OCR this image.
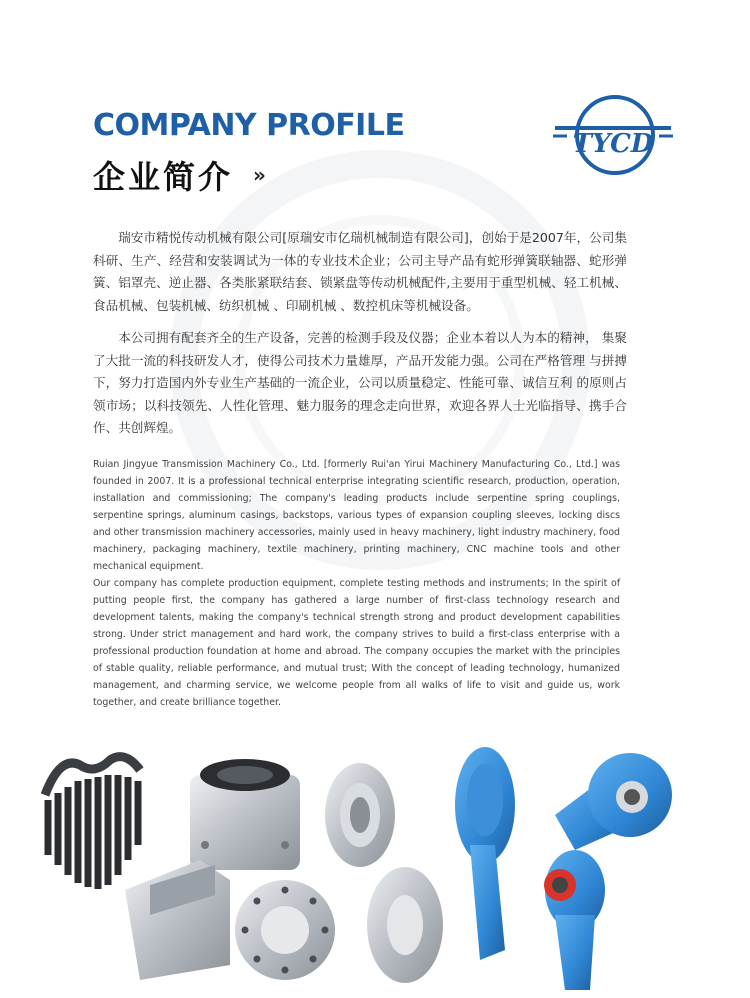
COMPANY PROFILE
企业简介 »
TYCD

瑞安市精悦传动机械有限公司[原瑞安市亿瑞机械制造有限公司]，创始于是2007年，公司集科研、生产、经营和安装调试为一体的专业技术企业；公司主导产品有蛇形弹簧联轴器、蛇形弹簧、铝罩壳、逆止器、各类胀紧联结套、锁紧盘等传动机械配件,主要用于重型机械、轻工机械、食品机械、包装机械、纺织机械 、印刷机械 、数控机床等机械设备。

本公司拥有配套齐全的生产设备，完善的检测手段及仪器；企业本着以人为本的精神， 集聚了大批一流的科技研发人才，使得公司技术力量雄厚，产品开发能力强。公司在严格管理 与拼搏下，努力打造国内外专业生产基础的一流企业，公司以质量稳定、性能可靠、诚信互利 的原则占领市场；以科技领先、人性化管理、魅力服务的理念走向世界，欢迎各界人士光临指导、携手合作、共创辉煌。

Ruian Jingyue Transmission Machinery Co., Ltd. [formerly Rui'an Yirui Machinery Manufacturing Co., Ltd.] was founded in 2007. It is a professional technical enterprise integrating scientific research, production, operation, installation and commissioning; The company's leading products include serpentine spring couplings, serpentine springs, aluminum casings, backstops, various types of expansion coupling sleeves, locking discs and other transmission machinery accessories, mainly used in heavy machinery, light industry machinery, food machinery, packaging machinery, textile machinery, printing machinery, CNC machine tools and other mechanical equipment.

Our company has complete production equipment, complete testing methods and instruments; In the spirit of putting people first, the company has gathered a large number of first-class technology research and development talents, making the company's technical strength strong and product development capabilities strong. Under strict management and hard work, the company strives to build a first-class enterprise with a professional production foundation at home and abroad. The company occupies the market with the principles of stable quality, reliable performance, and mutual trust; With the concept of leading technology, humanized management, and charming service, we welcome people from all walks of life to visit and guide us, work together, and create brilliance together.
